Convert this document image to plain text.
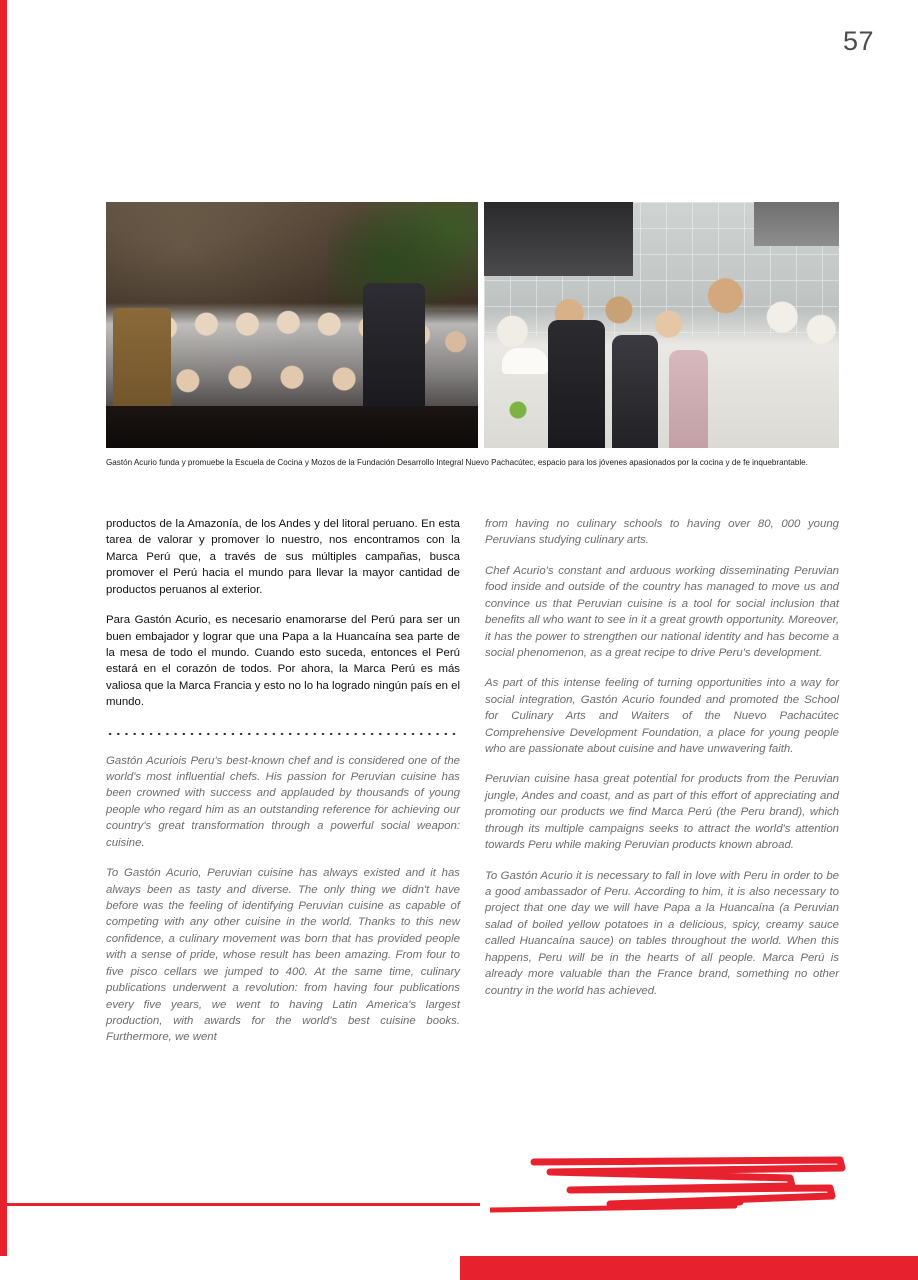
57
Gastón Acurio funda y promuebe la Escuela de Cocina y Mozos de la Fundación Desarrollo Integral Nuevo Pachacútec, espacio para los jóvenes apasionados por la cocina y de fe inquebrantable.

productos de la Amazonía, de los Andes y del litoral peruano. En esta tarea de valorar y promover lo nuestro, nos encontramos con la Marca Perú que, a través de sus múltiples campañas, busca promover el Perú hacia el mundo para llevar la mayor cantidad de productos peruanos al exterior.

Para Gastón Acurio, es necesario enamorarse del Perú para ser un buen embajador y lograr que una Papa a la Huancaína sea parte de la mesa de todo el mundo. Cuando esto suceda, entonces el Perú estará en el corazón de todos. Por ahora, la Marca Perú es más valiosa que la Marca Francia y esto no lo ha logrado ningún país en el mundo.

Gastón Acuriois Peru's best-known chef and is considered one of the world's most influential chefs. His passion for Peruvian cuisine has been crowned with success and applauded by thousands of young people who regard him as an outstanding reference for achieving our country's great transformation through a powerful social weapon: cuisine.

To Gastón Acurio, Peruvian cuisine has always existed and it has always been as tasty and diverse. The only thing we didn't have before was the feeling of identifying Peruvian cuisine as capable of competing with any other cuisine in the world. Thanks to this new confidence, a culinary movement was born that has provided people with a sense of pride, whose result has been amazing. From four to five pisco cellars we jumped to 400. At the same time, culinary publications underwent a revolution: from having four publications every five years, we went to having Latin America's largest production, with awards for the world's best cuisine books. Furthermore, we went

from having no culinary schools to having over 80, 000 young Peruvians studying culinary arts.

Chef Acurio's constant and arduous working disseminating Peruvian food inside and outside of the country has managed to move us and convince us that Peruvian cuisine is a tool for social inclusion that benefits all who want to see in it a great growth opportunity. Moreover, it has the power to strengthen our national identity and has become a social phenomenon, as a great recipe to drive Peru's development.

As part of this intense feeling of turning opportunities into a way for social integration, Gastón Acurio founded and promoted the School for Culinary Arts and Waiters of the Nuevo Pachacútec Comprehensive Development Foundation, a place for young people who are passionate about cuisine and have unwavering faith.

Peruvian cuisine hasa great potential for products from the Peruvian jungle, Andes and coast, and as part of this effort of appreciating and promoting our products we find Marca Perú (the Peru brand), which through its multiple campaigns seeks to attract the world's attention towards Peru while making Peruvian products known abroad.

To Gastón Acurio it is necessary to fall in love with Peru in order to be a good ambassador of Peru. According to him, it is also necessary to project that one day we will have Papa a la Huancaína (a Peruvian salad of boiled yellow potatoes in a delicious, spicy, creamy sauce called Huancaína sauce) on tables throughout the world. When this happens, Peru will be in the hearts of all people. Marca Perú is already more valuable than the France brand, something no other country in the world has achieved.
